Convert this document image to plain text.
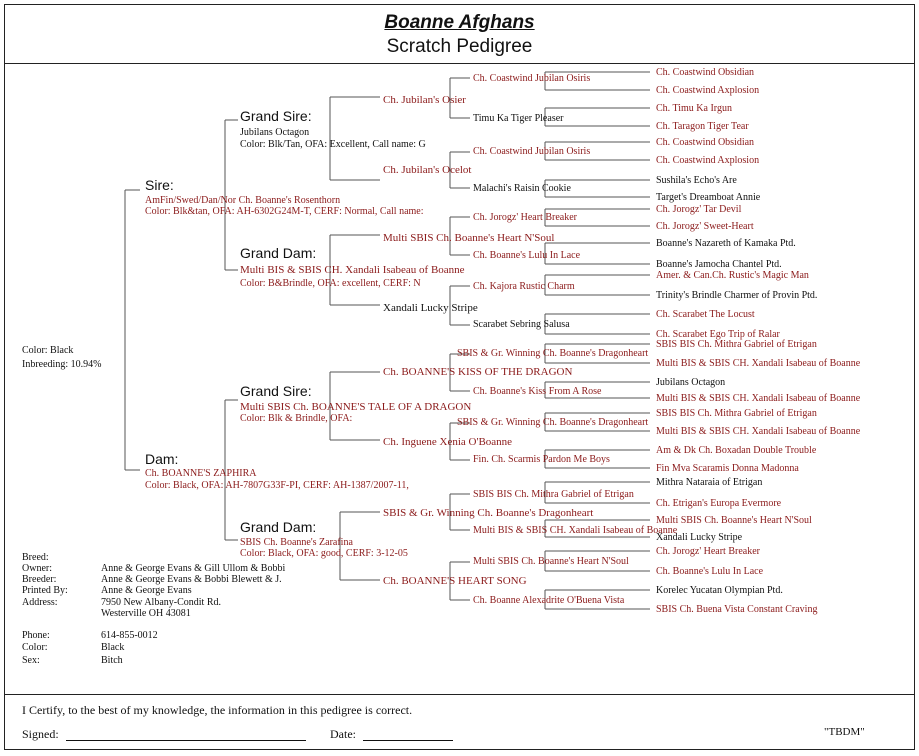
Boanne Afghans
Scratch Pedigree
Color: Black
Inbreeding: 10.94%
Sire:
AmFin/Swed/Dan/Nor Ch. Boanne's Rosenthorn
Color: Blk&tan, OFA: AH-6302G24M-T, CERF: Normal, Call name:
Dam:
Ch. BOANNE'S ZAPHIRA
Color: Black, OFA: AH-7807G33F-PI, CERF: AH-1387/2007-11,
Grand Sire:
Jubilans Octagon
Color: Blk/Tan, OFA: Excellent, Call name: G
Grand Dam:
Multi BIS & SBIS CH. Xandali Isabeau of Boanne
Color: B&Brindle, OFA: excellent, CERF: N
Grand Sire:
Multi SBIS Ch. BOANNE'S TALE OF A DRAGON
Color: Blk & Brindle, OFA:
Grand Dam:
SBIS Ch. Boanne's Zarafina
Color: Black, OFA: good, CERF: 3-12-05
Ch. Jubilan's Osier
Ch. Jubilan's Ocelot
Multi SBIS Ch. Boanne's Heart N'Soul
Xandali Lucky Stripe
Ch. BOANNE'S KISS OF THE DRAGON
Ch. Inguene Xenia O'Boanne
SBIS & Gr. Winning Ch. Boanne's Dragonheart
Ch. BOANNE'S HEART SONG
Ch. Coastwind Jubilan Osiris
Timu Ka Tiger Pleaser
Ch. Coastwind Jubilan Osiris
Malachi's Raisin Cookie
Ch. Jorogz' Heart Breaker
Ch. Boanne's Lulu In Lace
Ch. Kajora Rustic Charm
Scarabet Sebring Salusa
SBIS & Gr. Winning Ch. Boanne's Dragonheart
Ch. Boanne's Kiss From A Rose
SBIS & Gr. Winning Ch. Boanne's Dragonheart
Fin. Ch. Scarmis Pardon Me Boys
SBIS BIS Ch. Mithra Gabriel of Etrigan
Multi BIS & SBIS CH. Xandali Isabeau of Boanne
Multi SBIS Ch. Boanne's Heart N'Soul
Ch. Boanne Alexadrite O'Buena Vista
Ch. Coastwind Obsidian
Ch. Coastwind Axplosion
Ch. Timu Ka Irgun
Ch. Taragon Tiger Tear
Ch. Coastwind Obsidian
Ch. Coastwind Axplosion
Sushila's Echo's Are
Target's Dreamboat Annie
Ch. Jorogz' Tar Devil
Ch. Jorogz' Sweet-Heart
Boanne's Nazareth of Kamaka Ptd.
Boanne's Jamocha Chantel Ptd.
Amer. & Can.Ch. Rustic's Magic Man
Trinity's Brindle Charmer of Provin Ptd.
Ch. Scarabet The Locust
Ch. Scarabet Ego Trip of Ralar
SBIS BIS Ch. Mithra Gabriel of Etrigan
Multi BIS & SBIS CH. Xandali Isabeau of Boanne
Jubilans Octagon
Multi BIS & SBIS CH. Xandali Isabeau of Boanne
SBIS BIS Ch. Mithra Gabriel of Etrigan
Multi BIS & SBIS CH. Xandali Isabeau of Boanne
Am & Dk Ch. Boxadan Double Trouble
Fin Mva Scaramis Donna Madonna
Mithra Nataraia of Etrigan
Ch. Etrigan's Europa Evermore
Multi SBIS Ch. Boanne's Heart N'Soul
Xandali Lucky Stripe
Ch. Jorogz' Heart Breaker
Ch. Boanne's Lulu In Lace
Korelec Yucatan Olympian Ptd.
SBIS Ch. Buena Vista Constant Craving
Breed:
Owner:	Anne & George Evans & Gill Ullom & Bobbi
Breeder:	Anne & George Evans & Bobbi Blewett & J.
Printed By:	Anne & George Evans
Address:	7950 New Albany-Condit Rd.
Westerville OH 43081
Phone:	614-855-0012
Color:	Black
Sex:	Bitch
I Certify, to the best of my knowledge, the information in this pedigree is correct.
Signed:	Date:	"TBDM"
